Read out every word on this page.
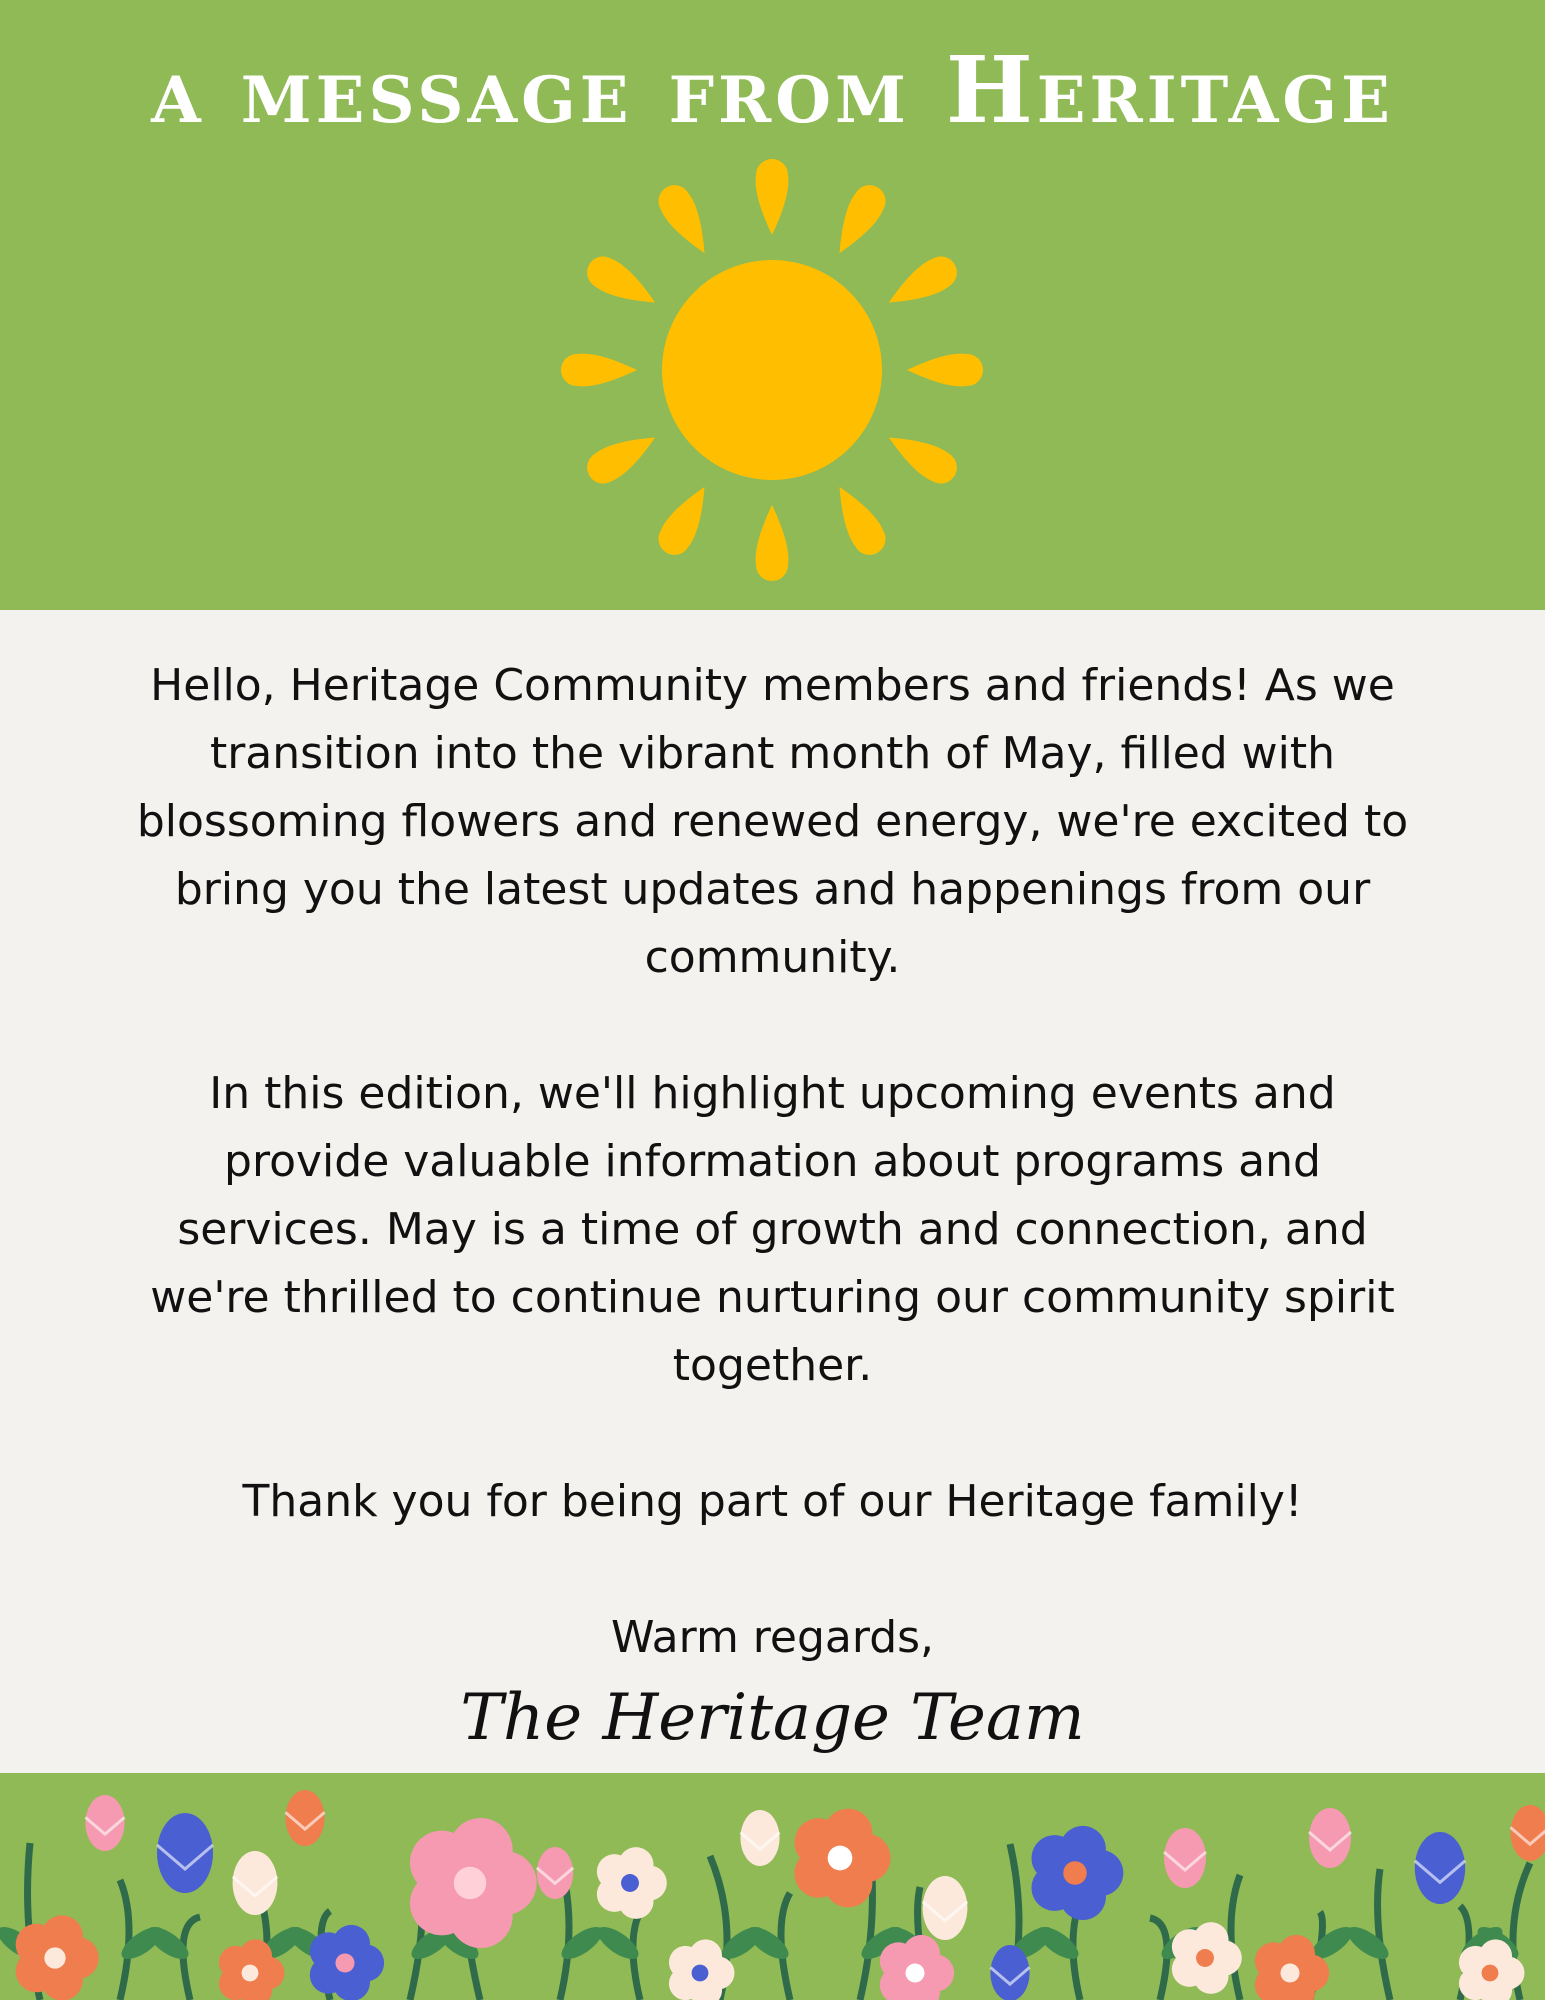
a message from Heritage

Hello, Heritage Community members and friends! As we transition into the vibrant month of May, filled with blossoming flowers and renewed energy, we're excited to bring you the latest updates and happenings from our community.

In this edition, we'll highlight upcoming events and provide valuable information about programs and services. May is a time of growth and connection, and we're thrilled to continue nurturing our community spirit together.

Thank you for being part of our Heritage family!

Warm regards,

The Heritage Team
